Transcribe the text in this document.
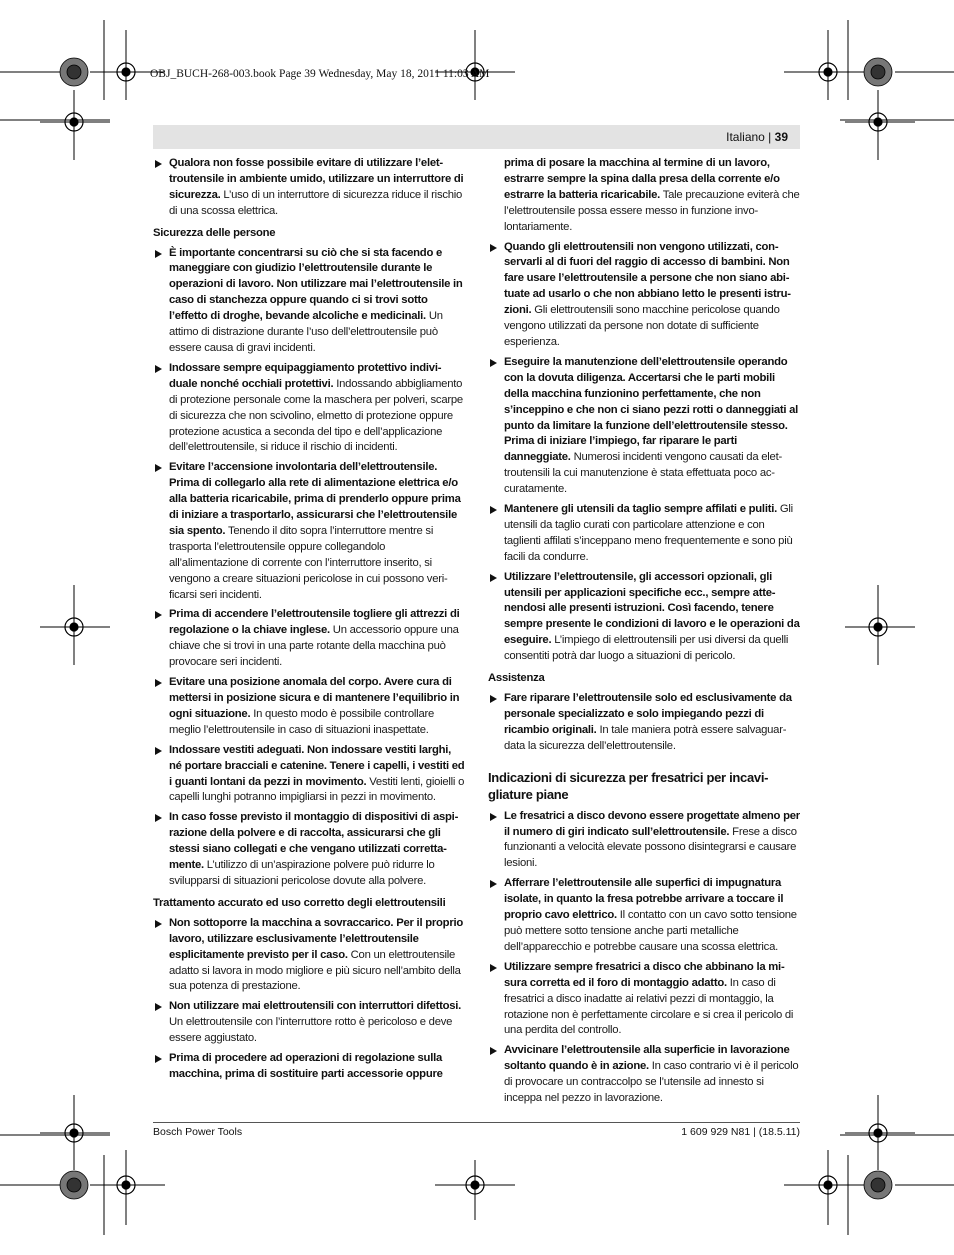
OBJ_BUCH-268-003.book Page 39 Wednesday, May 18, 2011 11:03 AM
Italiano | 39
Qualora non fosse possibile evitare di utilizzare l’elettroutensile in ambiente umido, utilizzare un interruttore di sicurezza. L’uso di un interruttore di sicurezza riduce il rischio di una scossa elettrica.
Sicurezza delle persone
È importante concentrarsi su ciò che si sta facendo e maneggiare con giudizio l’elettroutensile durante le operazioni di lavoro. Non utilizzare mai l’elettroutensile in caso di stanchezza oppure quando ci si trovi sotto l’effetto di droghe, bevande alcoliche e medicinali. Un attimo di distrazione durante l’uso dell’elettroutensile può essere causa di gravi incidenti.
Indossare sempre equipaggiamento protettivo individuale nonché occhiali protettivi. Indossando abbigliamento di protezione personale come la maschera per polveri, scarpe di sicurezza che non scivolino, elmetto di protezione oppure protezione acustica a seconda del tipo e dell’applicazione dell’elettroutensile, si riduce il rischio di incidenti.
Evitare l’accensione involontaria dell’elettroutensile. Prima di collegarlo alla rete di alimentazione elettrica e/o alla batteria ricaricabile, prima di prenderlo oppure prima di iniziare a trasportarlo, assicurarsi che l’elettroutensile sia spento. Tenendo il dito sopra l’interruttore mentre si trasporta l’elettroutensile oppure collegandolo all’alimentazione di corrente con l’interruttore inserito, si vengono a creare situazioni pericolose in cui possono verificarsi seri incidenti.
Prima di accendere l’elettroutensile togliere gli attrezzi di regolazione o la chiave inglese. Un accessorio oppure una chiave che si trovi in una parte rotante della macchina può provocare seri incidenti.
Evitare una posizione anomala del corpo. Avere cura di mettersi in posizione sicura e di mantenere l’equilibrio in ogni situazione. In questo modo è possibile controllare meglio l’elettroutensile in caso di situazioni inaspettate.
Indossare vestiti adeguati. Non indossare vestiti larghi, né portare bracciali e catenine. Tenere i capelli, i vestiti ed i guanti lontani da pezzi in movimento. Vestiti lenti, gioielli o capelli lunghi potranno impigliarsi in pezzi in movimento.
In caso fosse previsto il montaggio di dispositivi di aspirazione della polvere e di raccolta, assicurarsi che gli stessi siano collegati e che vengano utilizzati correttamente. L’utilizzo di un’aspirazione polvere può ridurre lo svilupparsi di situazioni pericolose dovute alla polvere.
Trattamento accurato ed uso corretto degli elettroutensili
Non sottoporre la macchina a sovraccarico. Per il proprio lavoro, utilizzare esclusivamente l’elettroutensile esplicitamente previsto per il caso. Con un elettroutensile adatto si lavora in modo migliore e più sicuro nell’ambito della sua potenza di prestazione.
Non utilizzare mai elettroutensili con interruttori difettosi. Un elettroutensile con l’interruttore rotto è pericoloso e deve essere aggiustato.
Prima di procedere ad operazioni di regolazione sulla macchina, prima di sostituire parti accessorie oppure
prima di posare la macchina al termine di un lavoro, estrarre sempre la spina dalla presa della corrente e/o estrarre la batteria ricaricabile. Tale precauzione eviterà che l’elettroutensile possa essere messo in funzione involontariamente.
Quando gli elettroutensili non vengono utilizzati, conservarli al di fuori del raggio di accesso di bambini. Non fare usare l’elettroutensile a persone che non siano abituate ad usarlo o che non abbiano letto le presenti istruzioni. Gli elettroutensili sono macchine pericolose quando vengono utilizzati da persone non dotate di sufficiente esperienza.
Eseguire la manutenzione dell’elettroutensile operando con la dovuta diligenza. Accertarsi che le parti mobili della macchina funzionino perfettamente, che non s’inceppino e che non ci siano pezzi rotti o danneggiati al punto da limitare la funzione dell’elettroutensile stesso. Prima di iniziare l’impiego, far riparare le parti danneggiate. Numerosi incidenti vengono causati da elettroutensili la cui manutenzione è stata effettuata poco accuratamente.
Mantenere gli utensili da taglio sempre affilati e puliti. Gli utensili da taglio curati con particolare attenzione e con taglienti affilati s’inceppano meno frequentemente e sono più facili da condurre.
Utilizzare l’elettroutensile, gli accessori opzionali, gli utensili per applicazioni specifiche ecc., sempre attenendosi alle presenti istruzioni. Così facendo, tenere sempre presente le condizioni di lavoro e le operazioni da eseguire. L’impiego di elettroutensili per usi diversi da quelli consentiti potrà dar luogo a situazioni di pericolo.
Assistenza
Fare riparare l’elettroutensile solo ed esclusivamente da personale specializzato e solo impiegando pezzi di ricambio originali. In tale maniera potrà essere salvaguardata la sicurezza dell’elettroutensile.
Indicazioni di sicurezza per fresatrici per incavigliature piane
Le fresatrici a disco devono essere progettate almeno per il numero di giri indicato sull’elettroutensile. Frese a disco funzionanti a velocità elevate possono disintegrarsi e causare lesioni.
Afferrare l’elettroutensile alle superfici di impugnatura isolate, in quanto la fresa potrebbe arrivare a toccare il proprio cavo elettrico. Il contatto con un cavo sotto tensione può mettere sotto tensione anche parti metalliche dell’apparecchio e potrebbe causare una scossa elettrica.
Utilizzare sempre fresatrici a disco che abbinano la misura corretta ed il foro di montaggio adatto. In caso di fresatrici a disco inadatte ai relativi pezzi di montaggio, la rotazione non è perfettamente circolare e si crea il pericolo di una perdita del controllo.
Avvicinare l’elettroutensile alla superficie in lavorazione soltanto quando è in azione. In caso contrario vi è il pericolo di provocare un contraccolpo se l’utensile ad innesto si inceppa nel pezzo in lavorazione.
Bosch Power Tools	1 609 929 N81 | (18.5.11)
